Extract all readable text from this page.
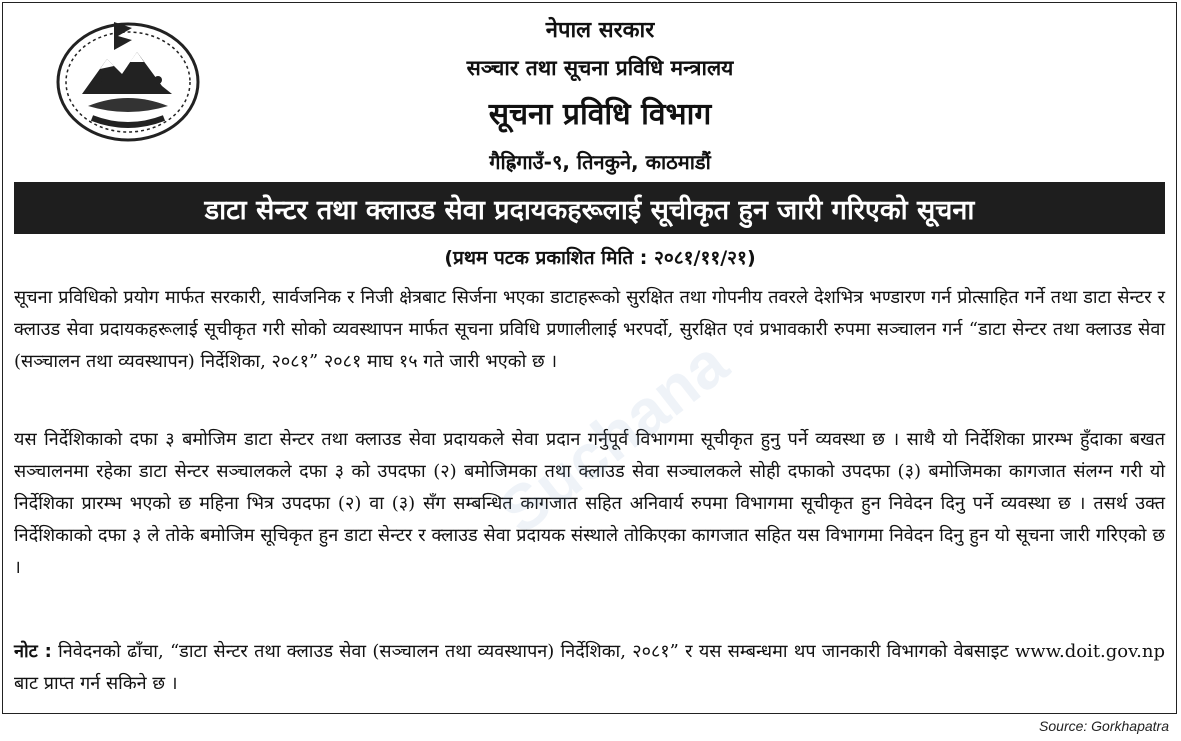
नेपाल सरकार
सञ्चार तथा सूचना प्रविधि मन्त्रालय
सूचना प्रविधि विभाग
गैह्रिगाउँ-९, तिनकुने, काठमाडौं
डाटा सेन्टर तथा क्लाउड सेवा प्रदायकहरूलाई सूचीकृत हुन जारी गरिएको सूचना
(प्रथम पटक प्रकाशित मिति : २०८१/११/२१)

सूचना प्रविधिको प्रयोग मार्फत सरकारी, सार्वजनिक र निजी क्षेत्रबाट सिर्जना भएका डाटाहरूको सुरक्षित तथा गोपनीय तवरले देशभित्र भण्डारण गर्न प्रोत्साहित गर्ने तथा डाटा सेन्टर र क्लाउड सेवा प्रदायकहरूलाई सूचीकृत गरी सोको व्यवस्थापन मार्फत सूचना प्रविधि प्रणालीलाई भरपर्दो, सुरक्षित एवं प्रभावकारी रुपमा सञ्चालन गर्न “डाटा सेन्टर तथा क्लाउड सेवा (सञ्चालन तथा व्यवस्थापन) निर्देशिका, २०८१” २०८१ माघ १५ गते जारी भएको छ ।

यस निर्देशिकाको दफा ३ बमोजिम डाटा सेन्टर तथा क्लाउड सेवा प्रदायकले सेवा प्रदान गर्नुपूर्व विभागमा सूचीकृत हुनु पर्ने व्यवस्था छ । साथै यो निर्देशिका प्रारम्भ हुँदाका बखत सञ्चालनमा रहेका डाटा सेन्टर सञ्चालकले दफा ३ को उपदफा (२) बमोजिमका तथा क्लाउड सेवा सञ्चालकले सोही दफाको उपदफा (३) बमोजिमका कागजात संलग्न गरी यो निर्देशिका प्रारम्भ भएको छ महिना भित्र उपदफा (२) वा (३) सँग सम्बन्धित कागजात सहित अनिवार्य रुपमा विभागमा सूचीकृत हुन निवेदन दिनु पर्ने व्यवस्था छ । तसर्थ उक्त निर्देशिकाको दफा ३ ले तोके बमोजिम सूचिकृत हुन डाटा सेन्टर र क्लाउड सेवा प्रदायक संस्थाले तोकिएका कागजात सहित यस विभागमा निवेदन दिनु हुन यो सूचना जारी गरिएको छ ।

नोट : निवेदनको ढाँचा, “डाटा सेन्टर तथा क्लाउड सेवा (सञ्चालन तथा व्यवस्थापन) निर्देशिका, २०८१” र यस सम्बन्धमा थप जानकारी विभागको वेबसाइट www.doit.gov.np बाट प्राप्त गर्न सकिने छ ।

Suchana
Source: Gorkhapatra
